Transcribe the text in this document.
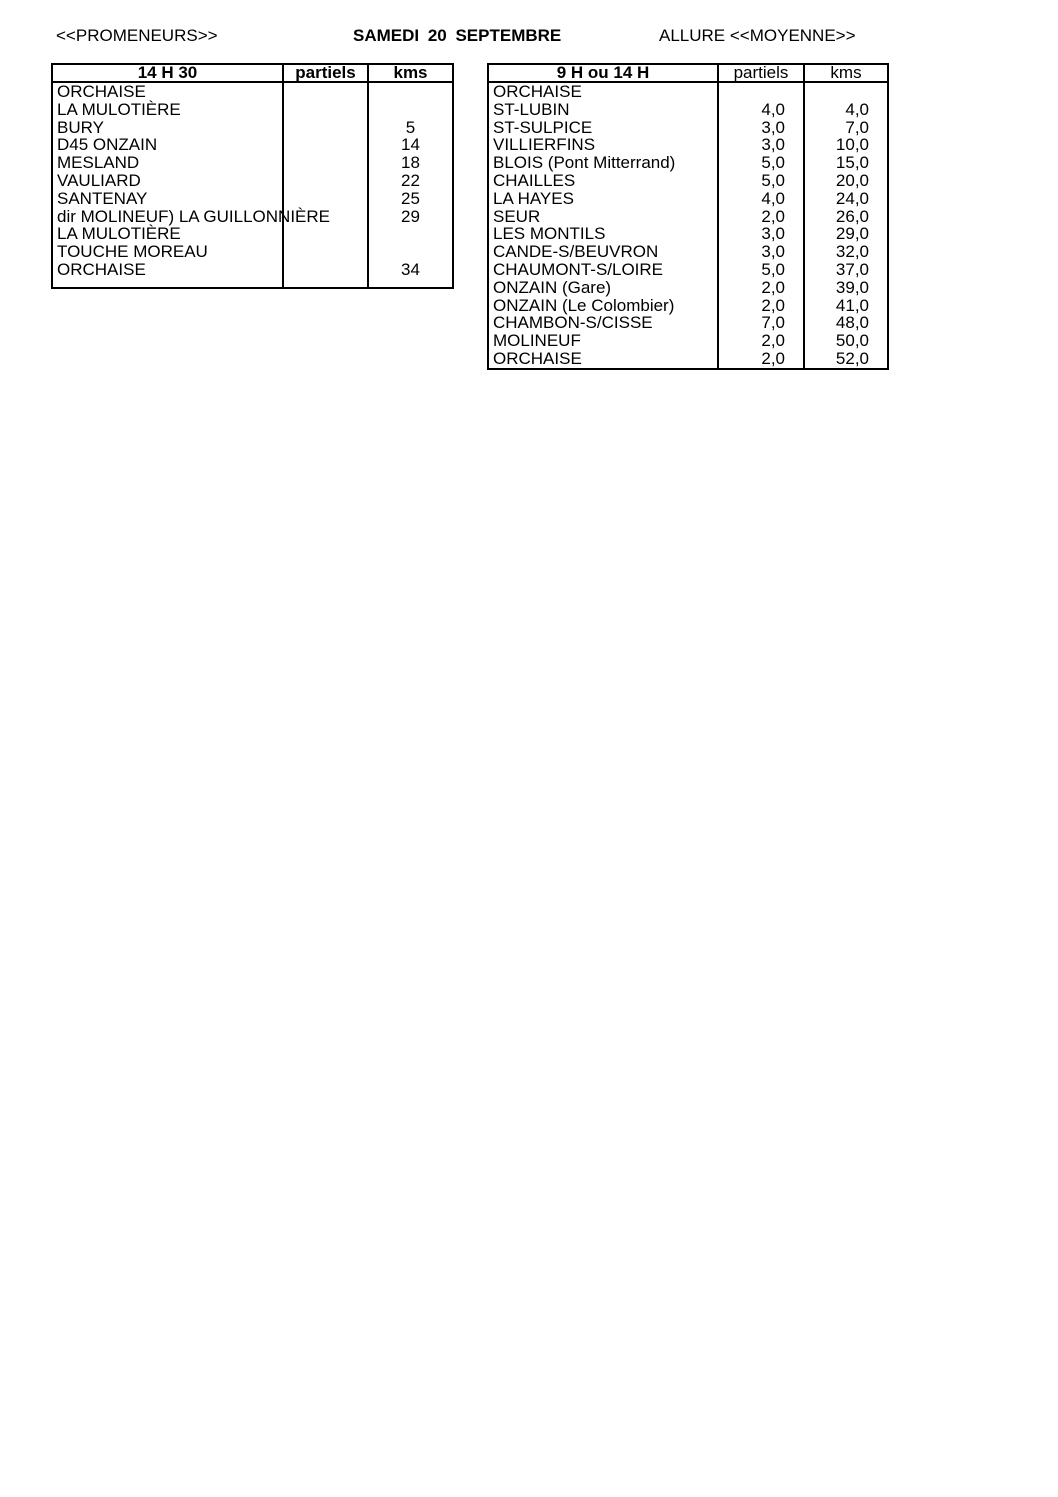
<<PROMENEURS>>	SAMEDI 20 SEPTEMBRE	ALLURE <<MOYENNE>>
14 H 30	partiels	kms
ORCHAISE		
LA MULOTIÈRE		
BURY		5
D45 ONZAIN		14
MESLAND		18
VAULIARD		22
SANTENAY		25
dir MOLINEUF) LA GUILLONNIÈRE		29
LA MULOTIÈRE		
TOUCHE MOREAU		
ORCHAISE		34

9 H ou 14 H	partiels	kms
ORCHAISE		
ST-LUBIN	4,0	4,0
ST-SULPICE	3,0	7,0
VILLIERFINS	3,0	10,0
BLOIS (Pont Mitterrand)	5,0	15,0
CHAILLES	5,0	20,0
LA HAYES	4,0	24,0
SEUR	2,0	26,0
LES MONTILS	3,0	29,0
CANDE-S/BEUVRON	3,0	32,0
CHAUMONT-S/LOIRE	5,0	37,0
ONZAIN (Gare)	2,0	39,0
ONZAIN (Le Colombier)	2,0	41,0
CHAMBON-S/CISSE	7,0	48,0
MOLINEUF	2,0	50,0
ORCHAISE	2,0	52,0
